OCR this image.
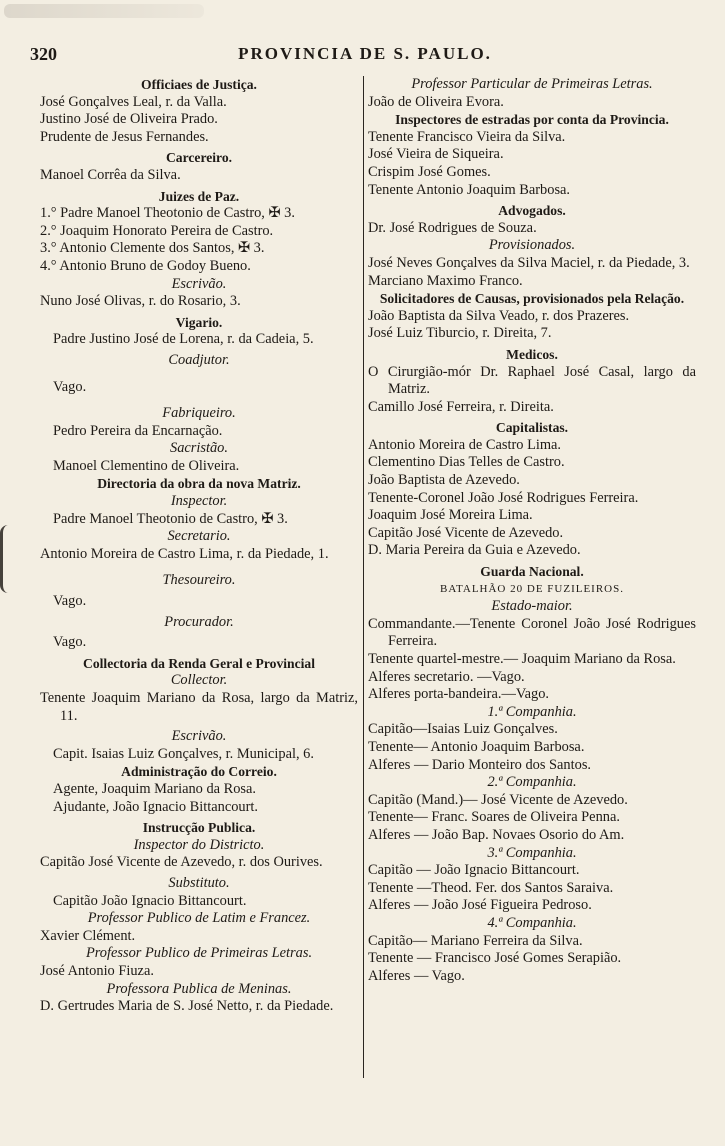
320	PROVINCIA DE S. PAULO.
Officiaes de Justiça.
José Gonçalves Leal, r. da Valla.
Justino José de Oliveira Prado.
Prudente de Jesus Fernandes.
Carcereiro.
Manoel Corrêa da Silva.
Juizes de Paz.
1.° Padre Manoel Theotonio de Castro, ✠ 3.
2.° Joaquim Honorato Pereira de Castro.
3.° Antonio Clemente dos Santos, ✠ 3.
4.° Antonio Bruno de Godoy Bueno.
Escrivão.
Nuno José Olivas, r. do Rosario, 3.
Vigario.
Padre Justino José de Lorena, r. da Cadeia, 5.
Coadjutor.
Vago.
Fabriqueiro.
Pedro Pereira da Encarnação.
Sacristão.
Manoel Clementino de Oliveira.
Directoria da obra da nova Matriz.
Inspector.
Padre Manoel Theotonio de Castro, ✠ 3.
Secretario.
Antonio Moreira de Castro Lima, r. da Piedade, 1.
Thesoureiro.
Vago.
Procurador.
Vago.
Collectoria da Renda Geral e Provincial
Collector.
Tenente Joaquim Mariano da Rosa, largo da Matriz, 11.
Escrivão.
Capit. Isaias Luiz Gonçalves, r. Municipal, 6.
Administração do Correio.
Agente, Joaquim Mariano da Rosa.
Ajudante, João Ignacio Bittancourt.
Instrucção Publica.
Inspector do Districto.
Capitão José Vicente de Azevedo, r. dos Ourives.
Substituto.
Capitão João Ignacio Bittancourt.
Professor Publico de Latim e Francez.
Xavier Clément.
Professor Publico de Primeiras Letras.
José Antonio Fiuza.
Professora Publica de Meninas.
D. Gertrudes Maria de S. José Netto, r. da Piedade.
Professor Particular de Primeiras Letras.
João de Oliveira Evora.
Inspectores de estradas por conta da Provincia.
Tenente Francisco Vieira da Silva.
José Vieira de Siqueira.
Crispim José Gomes.
Tenente Antonio Joaquim Barbosa.
Advogados.
Dr. José Rodrigues de Souza.
Provisionados.
José Neves Gonçalves da Silva Maciel, r. da Piedade, 3.
Marciano Maximo Franco.
Solicitadores de Causas, provisionados pela Relação.
João Baptista da Silva Veado, r. dos Prazeres.
José Luiz Tiburcio, r. Direita, 7.
Medicos.
O Cirurgião-mór Dr. Raphael José Casal, largo da Matriz.
Camillo José Ferreira, r. Direita.
Capitalistas.
Antonio Moreira de Castro Lima.
Clementino Dias Telles de Castro.
João Baptista de Azevedo.
Tenente-Coronel João José Rodrigues Ferreira.
Joaquim José Moreira Lima.
Capitão José Vicente de Azevedo.
D. Maria Pereira da Guia e Azevedo.
Guarda Nacional.
BATALHÃO 20 DE FUZILEIROS.
Estado-maior.
Commandante.—Tenente Coronel João José Rodrigues Ferreira.
Tenente quartel-mestre.— Joaquim Mariano da Rosa.
Alferes secretario. —Vago.
Alferes porta-bandeira.—Vago.
1.ª Companhia.
Capitão—Isaias Luiz Gonçalves.
Tenente— Antonio Joaquim Barbosa.
Alferes — Dario Monteiro dos Santos.
2.ª Companhia.
Capitão (Mand.)— José Vicente de Azevedo.
Tenente— Franc. Soares de Oliveira Penna.
Alferes — João Bap. Novaes Osorio do Am.
3.ª Companhia.
Capitão — João Ignacio Bittancourt.
Tenente —Theod. Fer. dos Santos Saraiva.
Alferes — João José Figueira Pedroso.
4.ª Companhia.
Capitão— Mariano Ferreira da Silva.
Tenente — Francisco José Gomes Serapião.
Alferes — Vago.
